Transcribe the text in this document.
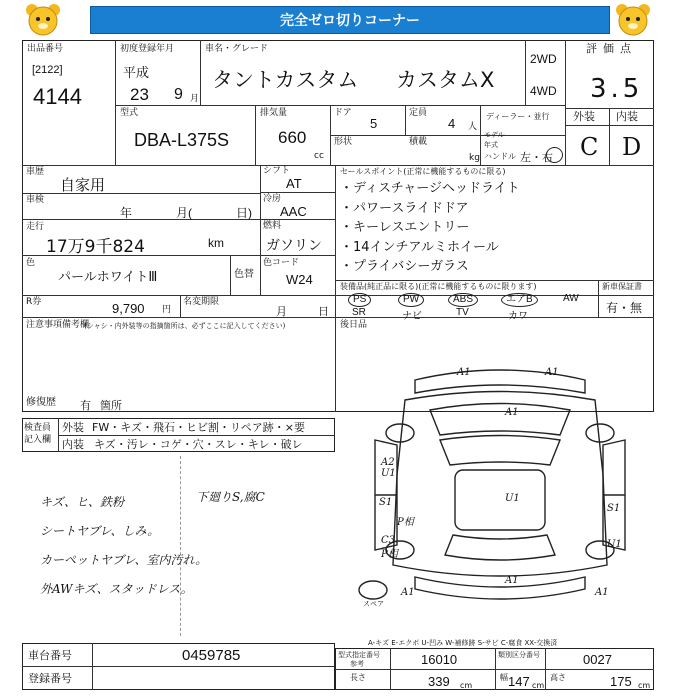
完全ゼロ切りコーナー
出品番号
[2122]
4144
初度登録年月
平成
23 9 月
車名・グレード
タントカスタム カスタムX
2WD
4WD
評価点
3.5
外装 内装
C D
型式
DBA-L375S
排気量
660
cc
ドア
5
定員
4 人
ディーラー・並行
形状	積載
kg
モデル年式
ハンドル 左・右
車歴
自家用
車検
年	月(	日)
走行
17万9千824	km
色
パールホワイトⅢ	色替
R券	9,790 円
名変期限
月	日
シフト
AT
冷房
AAC
燃料
ガソリン
色コード
W24
セールスポイント(正常に機能するものに限る)
・ディスチャージヘッドライト
・パワースライドドア
・キーレスエントリー
・14インチアルミホイール
・プライバシーガラス
装備品(純正品に限る)(正常に機能するものに限ります)
PS	PW	ABS	エアB	AW
SR	ナビ	TV	カワ
新車保証書
有・無
注意事項備考欄
(シャシ・内外装等の指摘箇所は、必ずここに記入してください)	後日品
修復歴 有 箇所
検査員
記入欄
外装 FW・キズ・飛石・ヒビ割・リペア跡・×要
内装 キズ・汚レ・コゲ・穴・スレ・キレ・破レ
キズ、ヒ、鉄粉
シートヤブレ、しみ。
カーペットヤブレ、室内汚れ。
外AWキズ、スタッドレス。
下廻りS,腐C
A1	A1
A1
A2
U1
S1	U1
P相
C3
P相
S1
U1
A1
A1
A1
スペア
A-キズ E-エクボ U-凹み W-補修跡 S-サビ C-腐食 XX-交換済
車台番号	0459785
登録番号
型式指定番号
参考	16010	類別区分番号	0027
長さ	339 cm
幅 147 cm
高さ	175 cm
